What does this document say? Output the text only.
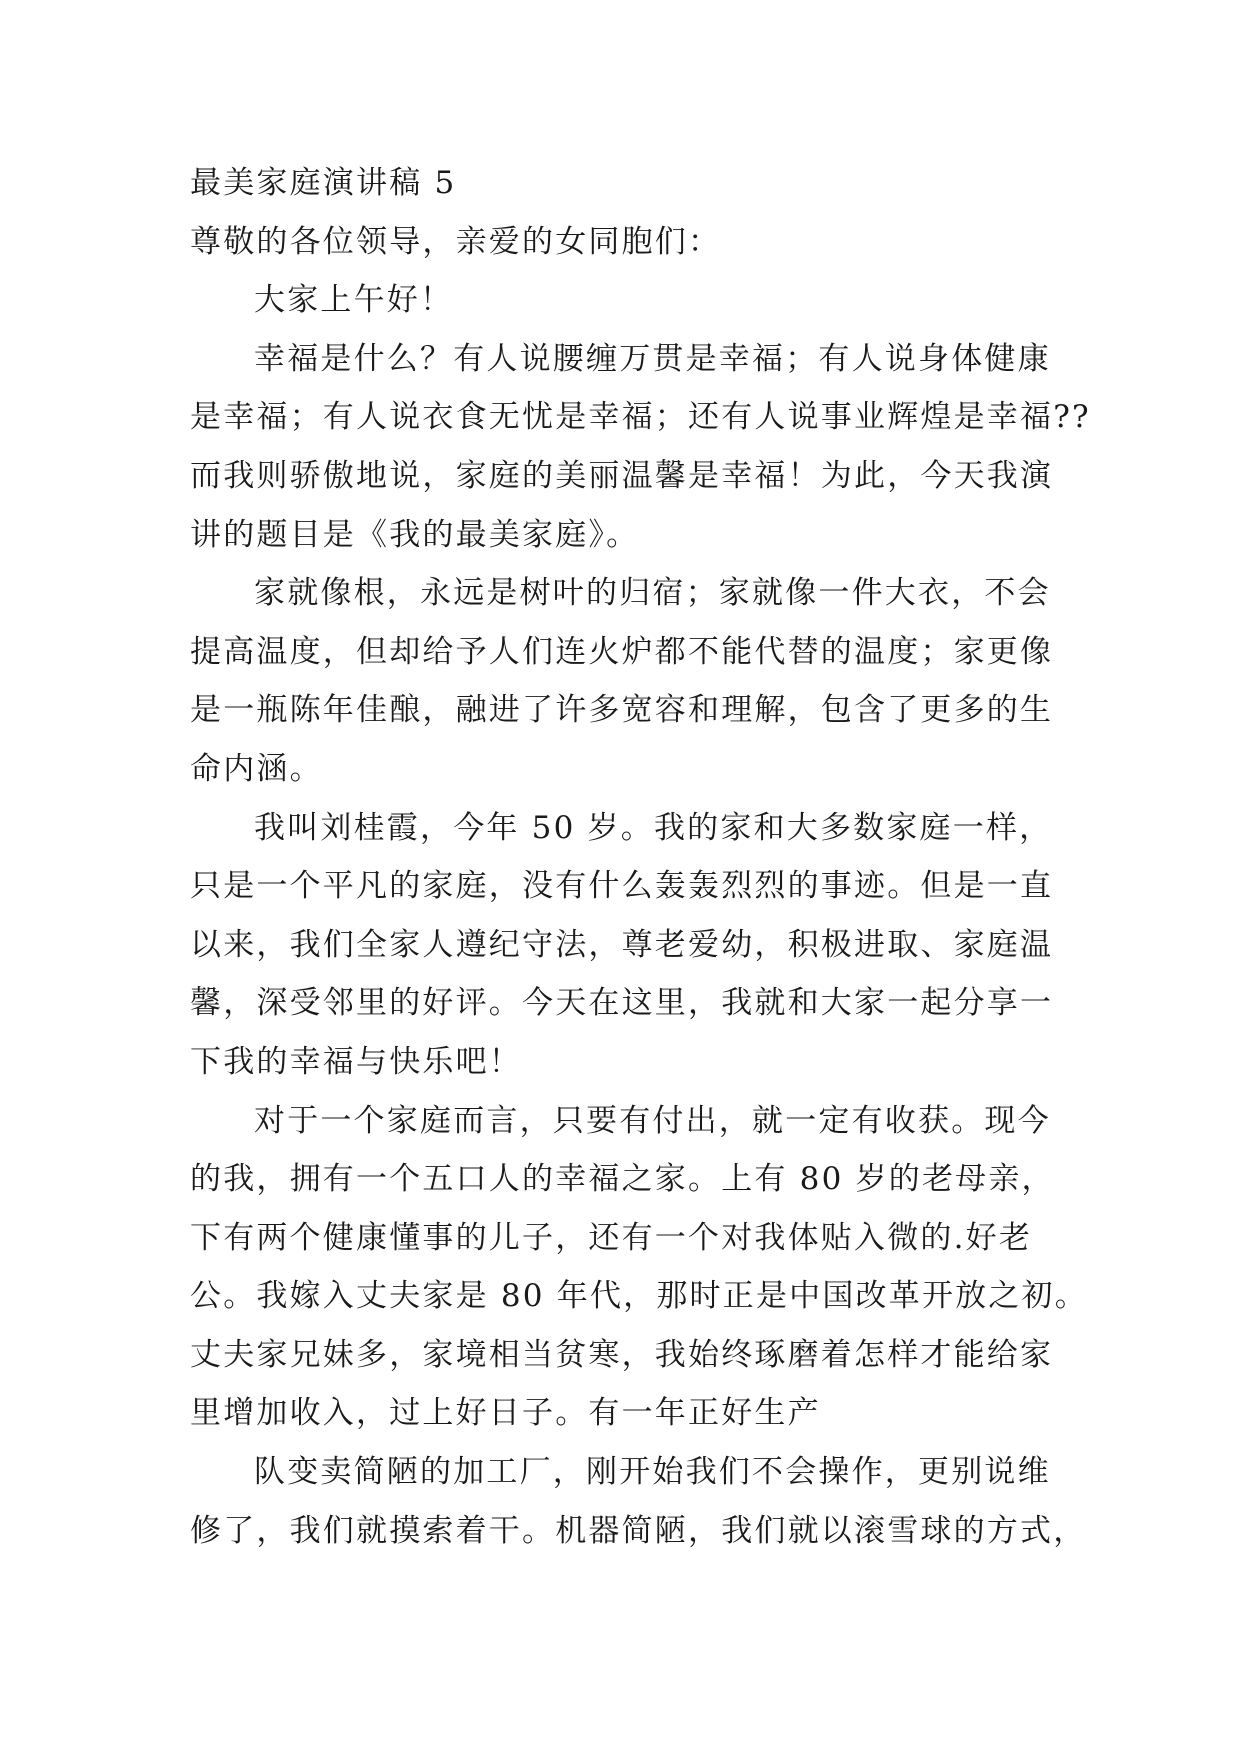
最美家庭演讲稿 5
尊敬的各位领导，亲爱的女同胞们：
大家上午好！
幸福是什么？有人说腰缠万贯是幸福；有人说身体健康
是幸福；有人说衣食无忧是幸福；还有人说事业辉煌是幸福??
而我则骄傲地说，家庭的美丽温馨是幸福！为此，今天我演
讲的题目是《我的最美家庭》。
家就像根，永远是树叶的归宿；家就像一件大衣，不会
提高温度，但却给予人们连火炉都不能代替的温度；家更像
是一瓶陈年佳酿，融进了许多宽容和理解，包含了更多的生
命内涵。
我叫刘桂霞，今年 50 岁。我的家和大多数家庭一样，
只是一个平凡的家庭，没有什么轰轰烈烈的事迹。但是一直
以来，我们全家人遵纪守法，尊老爱幼，积极进取、家庭温
馨，深受邻里的好评。今天在这里，我就和大家一起分享一
下我的幸福与快乐吧！
对于一个家庭而言，只要有付出，就一定有收获。现今
的我，拥有一个五口人的幸福之家。上有 80 岁的老母亲，
下有两个健康懂事的儿子，还有一个对我体贴入微的.好老
公。我嫁入丈夫家是 80 年代，那时正是中国改革开放之初。
丈夫家兄妹多，家境相当贫寒，我始终琢磨着怎样才能给家
里增加收入，过上好日子。有一年正好生产
队变卖简陋的加工厂，刚开始我们不会操作，更别说维
修了，我们就摸索着干。机器简陋，我们就以滚雪球的方式，
